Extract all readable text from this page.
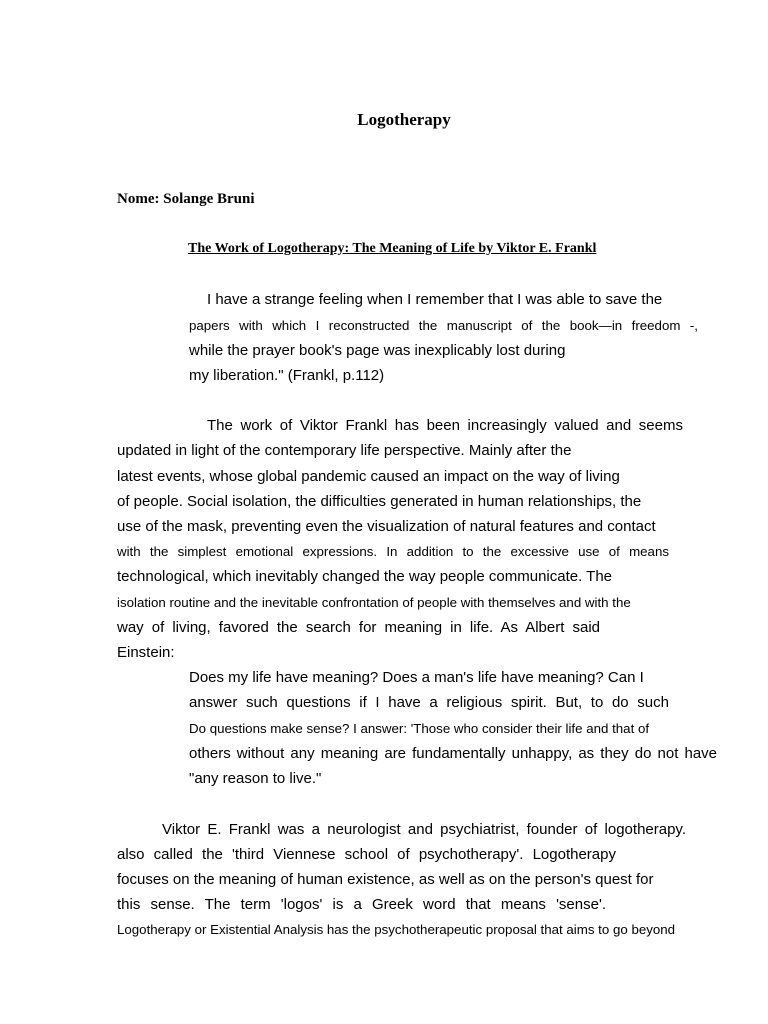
Logotherapy
Nome: Solange Bruni
The Work of Logotherapy: The Meaning of Life by Viktor E. Frankl
I have a strange feeling when I remember that I was able to save the
papers with which I reconstructed the manuscript of the book—in freedom -,
while the prayer book's page was inexplicably lost during
my liberation." (Frankl, p.112)
The work of Viktor Frankl has been increasingly valued and seems
updated in light of the contemporary life perspective. Mainly after the
latest events, whose global pandemic caused an impact on the way of living
of people. Social isolation, the difficulties generated in human relationships, the
use of the mask, preventing even the visualization of natural features and contact
with the simplest emotional expressions. In addition to the excessive use of means
technological, which inevitably changed the way people communicate. The
isolation routine and the inevitable confrontation of people with themselves and with the
way of living, favored the search for meaning in life. As Albert said
Einstein:
Does my life have meaning? Does a man's life have meaning? Can I
answer such questions if I have a religious spirit. But, to do such
Do questions make sense? I answer: 'Those who consider their life and that of
others without any meaning are fundamentally unhappy, as they do not have
"any reason to live."
Viktor E. Frankl was a neurologist and psychiatrist, founder of logotherapy.
also called the 'third Viennese school of psychotherapy'. Logotherapy
focuses on the meaning of human existence, as well as on the person's quest for
this sense. The term 'logos' is a Greek word that means 'sense'.
Logotherapy or Existential Analysis has the psychotherapeutic proposal that aims to go beyond
